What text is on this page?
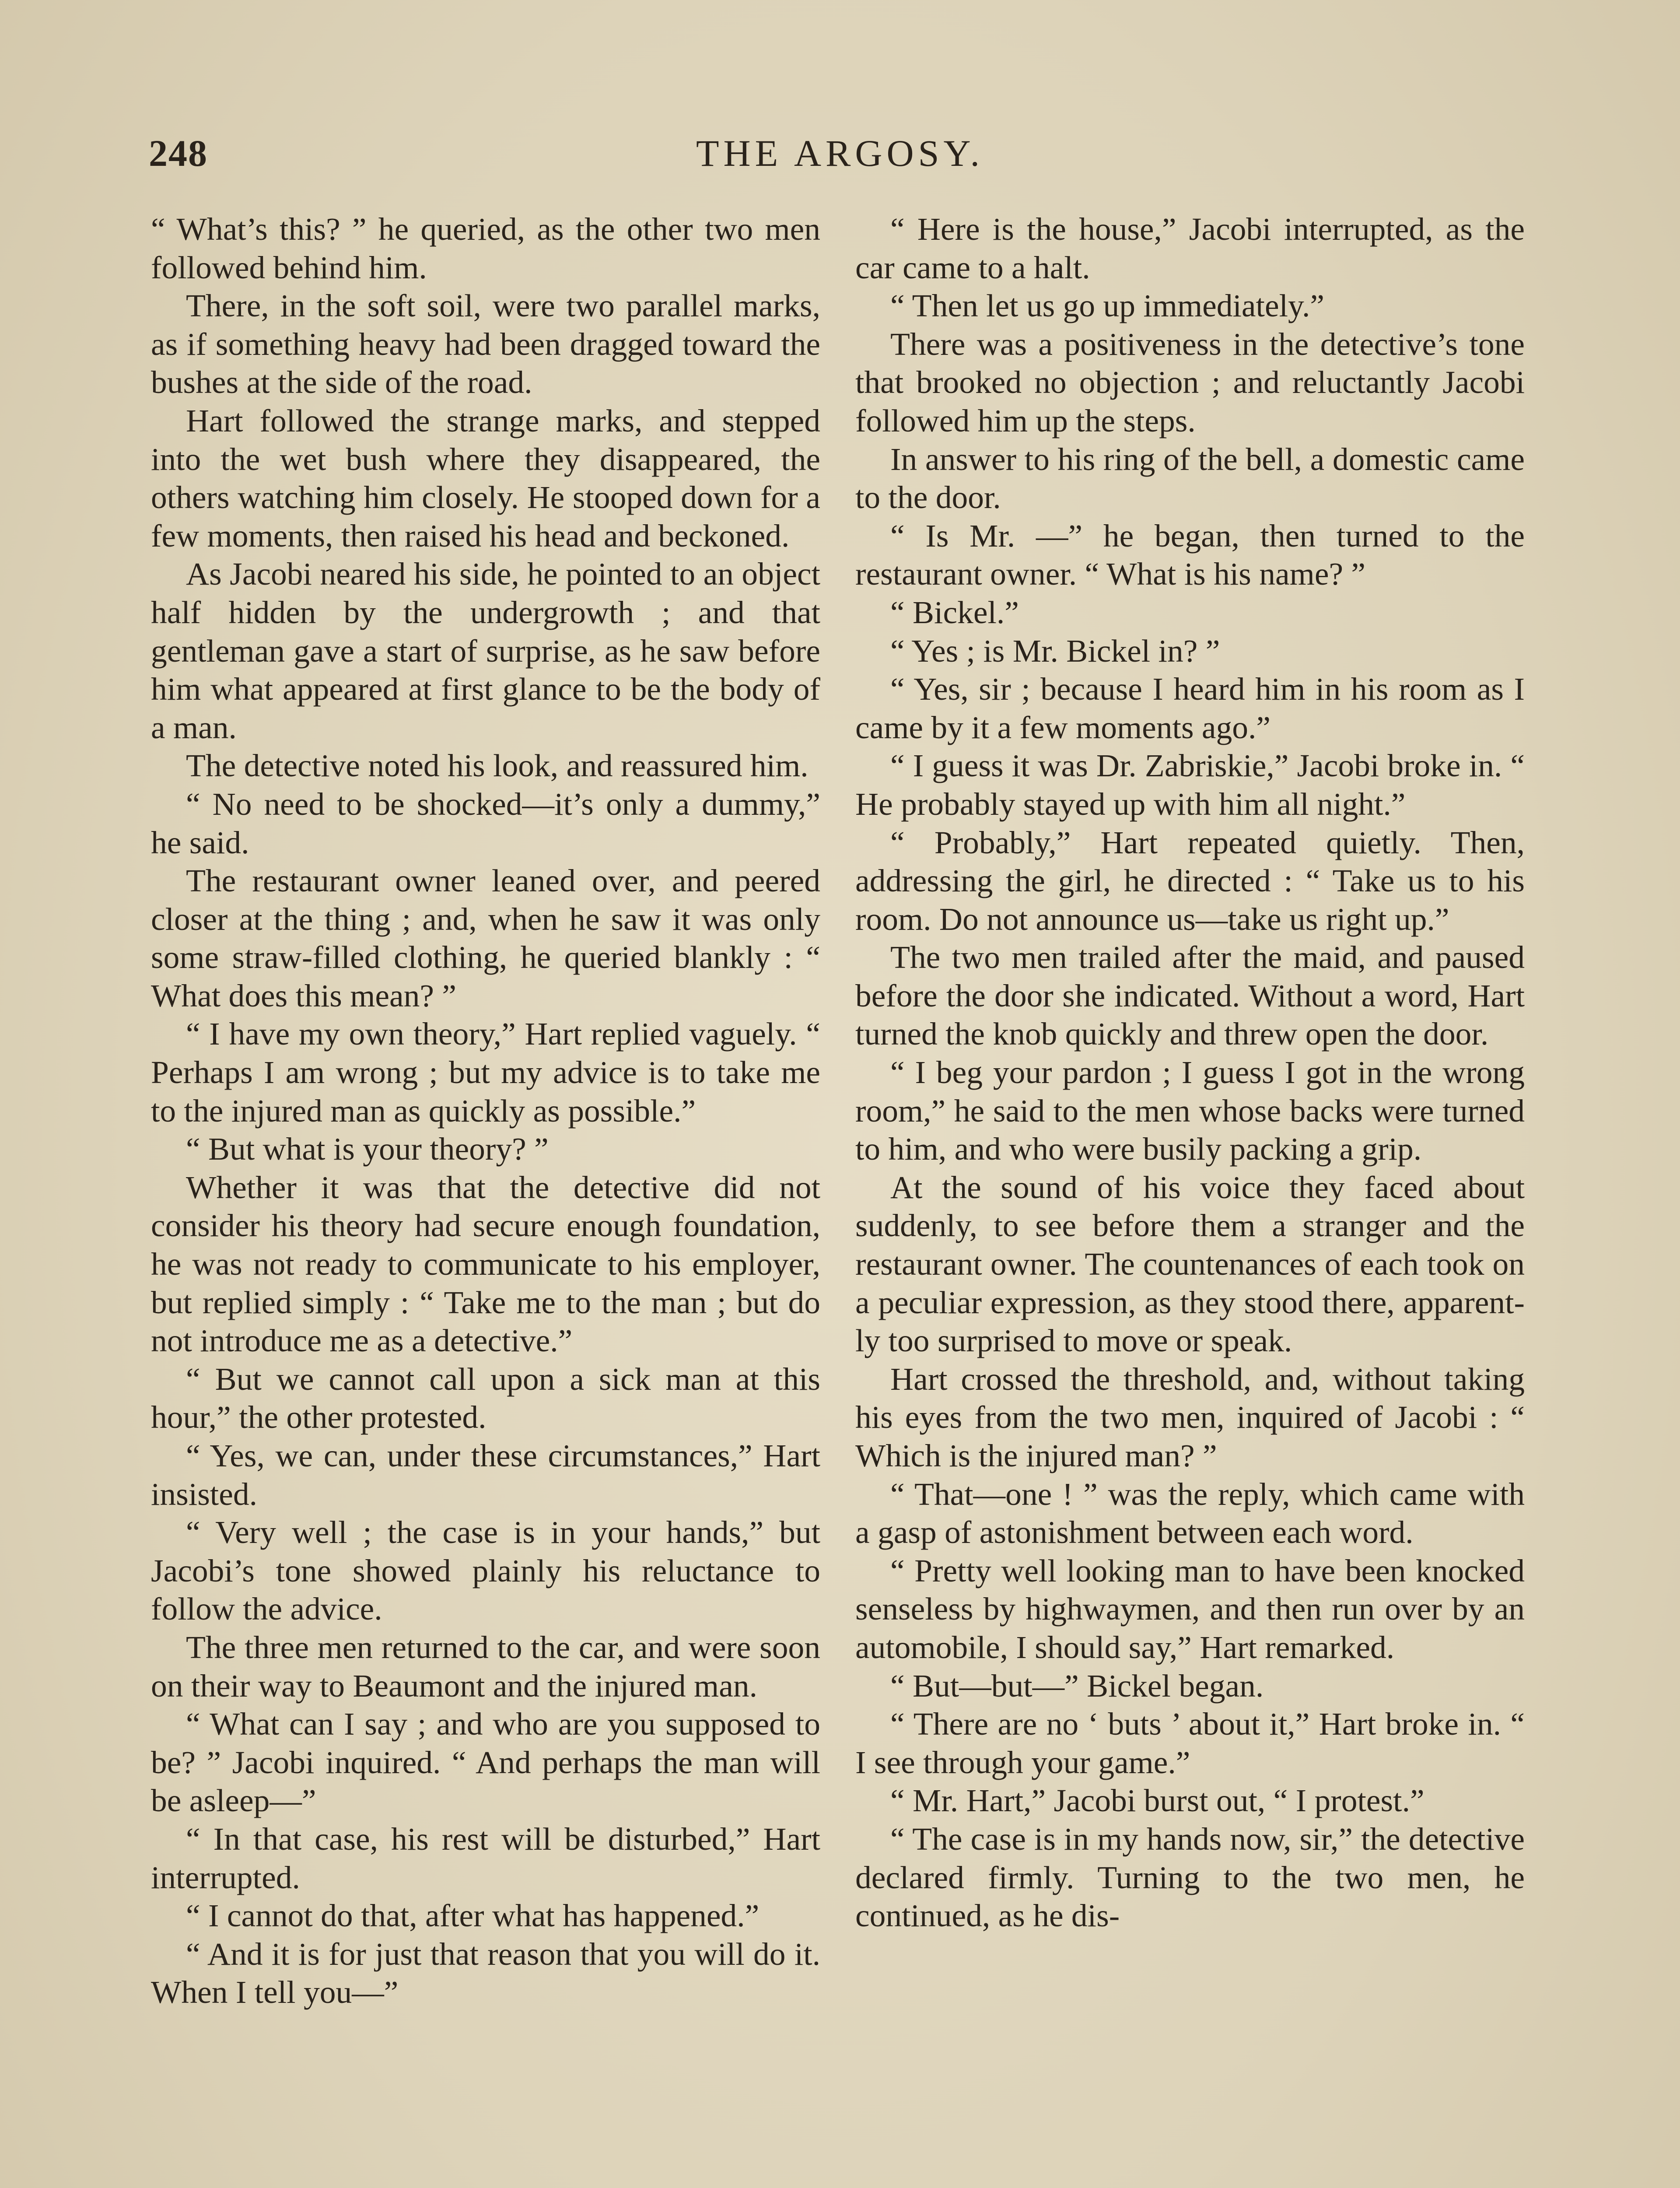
248	THE ARGOSY.

“ What’s this? ” he queried, as the other two men followed behind him.

There, in the soft soil, were two parallel marks, as if something heavy had been dragged toward the bushes at the side of the road.

Hart followed the strange marks, and stepped into the wet bush where they disappeared, the others watching him closely. He stooped down for a few moments, then raised his head and beckoned.

As Jacobi neared his side, he pointed to an object half hidden by the undergrowth ; and that gentleman gave a start of surprise, as he saw before him what appeared at first glance to be the body of a man.

The detective noted his look, and reassured him.

“ No need to be shocked—it’s only a dummy,” he said.

The restaurant owner leaned over, and peered closer at the thing ; and, when he saw it was only some straw-filled clothing, he queried blankly : “ What does this mean? ”

“ I have my own theory,” Hart replied vaguely. “ Perhaps I am wrong ; but my advice is to take me to the injured man as quickly as possible.”

“ But what is your theory? ”

Whether it was that the detective did not consider his theory had secure enough foundation, he was not ready to communicate to his employer, but replied simply : “ Take me to the man ; but do not introduce me as a detective.”

“ But we cannot call upon a sick man at this hour,” the other protested.

“ Yes, we can, under these circumstances,” Hart insisted.

“ Very well ; the case is in your hands,” but Jacobi’s tone showed plainly his reluctance to follow the advice.

The three men returned to the car, and were soon on their way to Beaumont and the injured man.

“ What can I say ; and who are you supposed to be? ” Jacobi inquired. “ And perhaps the man will be asleep—”

“ In that case, his rest will be disturbed,” Hart interrupted.

“ I cannot do that, after what has happened.”

“ And it is for just that reason that you will do it. When I tell you—”

“ Here is the house,” Jacobi interrupted, as the car came to a halt.

“ Then let us go up immediately.”

There was a positiveness in the detective’s tone that brooked no objection ; and reluctantly Jacobi followed him up the steps.

In answer to his ring of the bell, a domestic came to the door.

“ Is Mr. —” he began, then turned to the restaurant owner. “ What is his name? ”

“ Bickel.”

“ Yes ; is Mr. Bickel in? ”

“ Yes, sir ; because I heard him in his room as I came by it a few moments ago.”

“ I guess it was Dr. Zabriskie,” Jacobi broke in. “ He probably stayed up with him all night.”

“ Probably,” Hart repeated quietly. Then, addressing the girl, he directed : “ Take us to his room. Do not announce us—take us right up.”

The two men trailed after the maid, and paused before the door she indicated. Without a word, Hart turned the knob quickly and threw open the door.

“ I beg your pardon ; I guess I got in the wrong room,” he said to the men whose backs were turned to him, and who were busily packing a grip.

At the sound of his voice they faced about suddenly, to see before them a stranger and the restaurant owner. The countenances of each took on a peculiar expression, as they stood there, apparently too surprised to move or speak.

Hart crossed the threshold, and, without taking his eyes from the two men, inquired of Jacobi : “ Which is the injured man? ”

“ That—one ! ” was the reply, which came with a gasp of astonishment between each word.

“ Pretty well looking man to have been knocked senseless by highwaymen, and then run over by an automobile, I should say,” Hart remarked.

“ But—but—” Bickel began.

“ There are no ‘ buts ’ about it,” Hart broke in. “ I see through your game.”

“ Mr. Hart,” Jacobi burst out, “ I protest.”

“ The case is in my hands now, sir,” the detective declared firmly. Turning to the two men, he continued, as he dis-
